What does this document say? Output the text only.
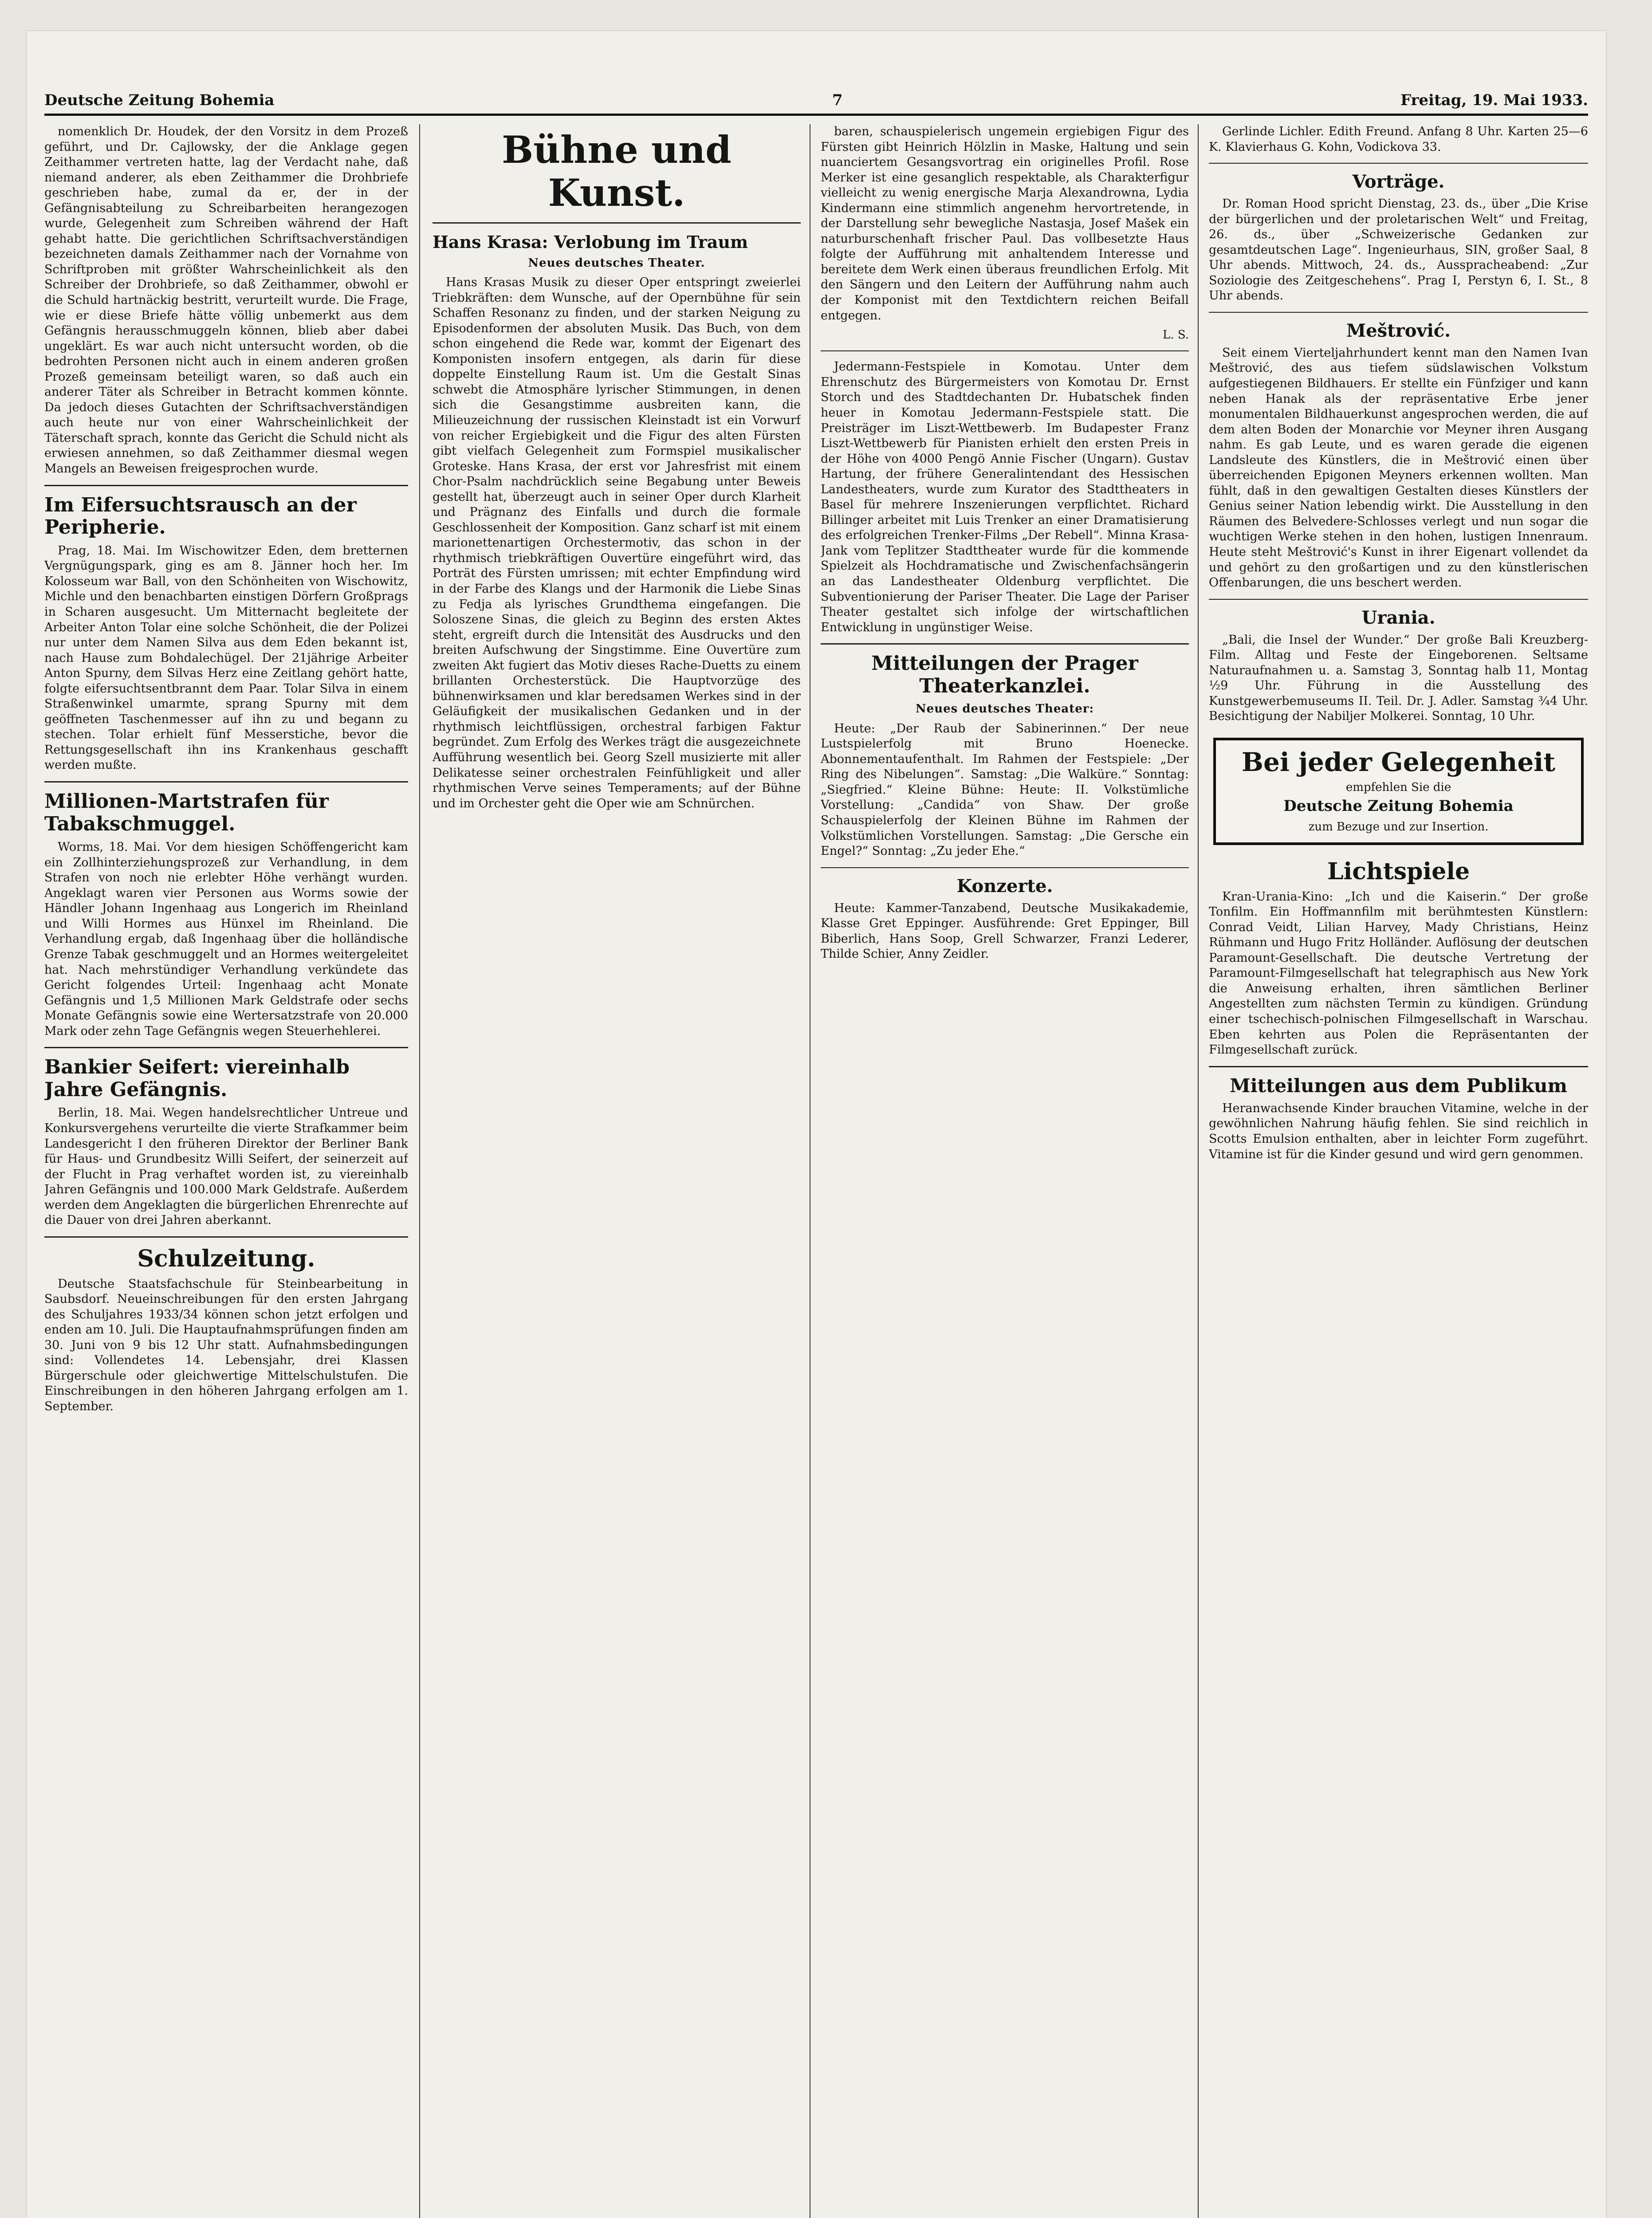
Deutsche Zeitung Bohemia	7	Freitag, 19. Mai 1933.

nomenklich Dr. Houdek, der den Vorsitz in dem Prozeß geführt, und Dr. Cajlowsky, der die Anklage gegen Zeithammer vertreten hatte, lag der Verdacht nahe, daß niemand anderer, als eben Zeithammer die Drohbriefe geschrieben habe, zumal da er, der in der Gefängnisabteilung zu Schreibarbeiten herangezogen wurde, Gelegenheit zum Schreiben während der Haft gehabt hatte. Die gerichtlichen Schriftsachverständigen bezeichneten damals Zeithammer nach der Vornahme von Schriftproben mit größter Wahrscheinlichkeit als den Schreiber der Drohbriefe, so daß Zeithammer, obwohl er die Schuld hartnäckig bestritt, verurteilt wurde. Die Frage, wie er diese Briefe hätte völlig unbemerkt aus dem Gefängnis herausschmuggeln können, blieb aber dabei ungeklärt. Es war auch nicht untersucht worden, ob die bedrohten Personen nicht auch in einem anderen großen Prozeß gemeinsam beteiligt waren, so daß auch ein anderer Täter als Schreiber in Betracht kommen könnte. Da jedoch dieses Gutachten der Schriftsachverständigen auch heute nur von einer Wahrscheinlichkeit der Täterschaft sprach, konnte das Gericht die Schuld nicht als erwiesen annehmen, so daß Zeithammer diesmal wegen Mangels an Beweisen freigesprochen wurde.

Im Eifersuchtsrausch an der Peripherie.

Prag, 18. Mai. Im Wischowitzer Eden, dem bretternen Vergnügungspark, ging es am 8. Jänner hoch her. Im Kolosseum war Ball, von den Schönheiten von Wischowitz, Michle und den benachbarten einstigen Dörfern Großprags in Scharen ausgesucht. Um Mitternacht begleitete der Arbeiter Anton Tolar eine solche Schönheit, die der Polizei nur unter dem Namen Silva aus dem Eden bekannt ist, nach Hause zum Bohdalechügel. Der 21jährige Arbeiter Anton Spurny, dem Silvas Herz eine Zeitlang gehört hatte, folgte eifersuchtsentbrannt dem Paar. Tolar Silva in einem Straßenwinkel umarmte, sprang Spurny mit dem geöffneten Taschenmesser auf ihn zu und begann zu stechen. Tolar erhielt fünf Messerstiche, bevor die Rettungsgesellschaft ihn ins Krankenhaus geschafft werden mußte.

Millionen-Martstrafen für Tabakschmuggel.

Worms, 18. Mai. Vor dem hiesigen Schöffengericht kam ein Zollhinterziehungsprozeß zur Verhandlung, in dem Strafen von noch nie erlebter Höhe verhängt wurden. Angeklagt waren vier Personen aus Worms sowie der Händler Johann Ingenhaag aus Longerich im Rheinland und Willi Hormes aus Hünxel im Rheinland. Die Verhandlung ergab, daß Ingenhaag über die holländische Grenze Tabak geschmuggelt und an Hormes weitergeleitet hat. Nach mehrstündiger Verhandlung verkündete das Gericht folgendes Urteil: Ingenhaag acht Monate Gefängnis und 1,5 Millionen Mark Geldstrafe oder sechs Monate Gefängnis sowie eine Wertersatzstrafe von 20.000 Mark oder zehn Tage Gefängnis wegen Steuerhehlerei.

Bankier Seifert: viereinhalb Jahre Gefängnis.

Berlin, 18. Mai. Wegen handelsrechtlicher Untreue und Konkursvergehens verurteilte die vierte Strafkammer beim Landesgericht I den früheren Direktor der Berliner Bank für Haus- und Grundbesitz Willi Seifert, der seinerzeit auf der Flucht in Prag verhaftet worden ist, zu viereinhalb Jahren Gefängnis und 100.000 Mark Geldstrafe. Außerdem werden dem Angeklagten die bürgerlichen Ehrenrechte auf die Dauer von drei Jahren aberkannt.

Schulzeitung.

Deutsche Staatsfachschule für Steinbearbeitung in Saubsdorf. Neueinschreibungen für den ersten Jahrgang des Schuljahres 1933/34 können schon jetzt erfolgen und enden am 10. Juli. Die Hauptaufnahmsprüfungen finden am 30. Juni von 9 bis 12 Uhr statt. Aufnahmsbedingungen sind: Vollendetes 14. Lebensjahr, drei Klassen Bürgerschule oder gleichwertige Mittelschulstufen. Die Einschreibungen in den höheren Jahrgang erfolgen am 1. September.

Bühne und Kunst.
Hans Krasa: Verlobung im Traum
Neues deutsches Theater.

Hans Krasas Musik zu dieser Oper entspringt zweierlei Triebkräften: dem Wunsche, auf der Opernbühne für sein Schaffen Resonanz zu finden, und der starken Neigung zu Episodenformen der absoluten Musik. Das Buch, von dem schon eingehend die Rede war, kommt der Eigenart des Komponisten insofern entgegen, als darin für diese doppelte Einstellung Raum ist. Um die Gestalt Sinas schwebt die Atmosphäre lyrischer Stimmungen, in denen sich die Gesangstimme ausbreiten kann, die Milieuzeichnung der russischen Kleinstadt ist ein Vorwurf von reicher Ergiebigkeit und die Figur des alten Fürsten gibt vielfach Gelegenheit zum Formspiel musikalischer Groteske. Hans Krasa, der erst vor Jahresfrist mit einem Chor-Psalm nachdrücklich seine Begabung unter Beweis gestellt hat, überzeugt auch in seiner Oper durch Klarheit und Prägnanz des Einfalls und durch die formale Geschlossenheit der Komposition. Ganz scharf ist mit einem marionettenartigen Orchestermotiv, das schon in der rhythmisch triebkräftigen Ouvertüre eingeführt wird, das Porträt des Fürsten umrissen; mit echter Empfindung wird in der Farbe des Klangs und der Harmonik die Liebe Sinas zu Fedja als lyrisches Grundthema eingefangen. Die Soloszene Sinas, die gleich zu Beginn des ersten Aktes steht, ergreift durch die Intensität des Ausdrucks und den breiten Aufschwung der Singstimme. Eine Ouvertüre zum zweiten Akt fugiert das Motiv dieses Rache-Duetts zu einem brillanten Orchesterstück. Die Hauptvorzüge des bühnenwirksamen und klar beredsamen Werkes sind in der Geläufigkeit der musikalischen Gedanken und in der rhythmisch leichtflüssigen, orchestral farbigen Faktur begründet. Zum Erfolg des Werkes trägt die ausgezeichnete Aufführung wesentlich bei. Georg Szell musizierte mit aller Delikatesse seiner orchestralen Feinfühligkeit und aller rhythmischen Verve seines Temperaments; auf der Bühne und im Orchester geht die Oper wie am Schnürchen.

baren, schauspielerisch ungemein ergiebigen Figur des Fürsten gibt Heinrich Hölzlin in Maske, Haltung und sein nuanciertem Gesangsvortrag ein originelles Profil. Rose Merker ist eine gesanglich respektable, als Charakterfigur vielleicht zu wenig energische Marja Alexandrowna, Lydia Kindermann eine stimmlich angenehm hervortretende, in der Darstellung sehr bewegliche Nastasja, Josef Mašek ein naturburschenhaft frischer Paul. Das vollbesetzte Haus folgte der Aufführung mit anhaltendem Interesse und bereitete dem Werk einen überaus freundlichen Erfolg. Mit den Sängern und den Leitern der Aufführung nahm auch der Komponist mit den Textdichtern reichen Beifall entgegen.

L. S.

Jedermann-Festspiele in Komotau. Unter dem Ehrenschutz des Bürgermeisters von Komotau Dr. Ernst Storch und des Stadtdechanten Dr. Hubatschek finden heuer in Komotau Jedermann-Festspiele statt. Die Preisträger im Liszt-Wettbewerb. Im Budapester Franz Liszt-Wettbewerb für Pianisten erhielt den ersten Preis in der Höhe von 4000 Pengö Annie Fischer (Ungarn). Gustav Hartung, der frühere Generalintendant des Hessischen Landestheaters, wurde zum Kurator des Stadttheaters in Basel für mehrere Inszenierungen verpflichtet. Richard Billinger arbeitet mit Luis Trenker an einer Dramatisierung des erfolgreichen Trenker-Films „Der Rebell“. Minna Krasa-Jank vom Teplitzer Stadttheater wurde für die kommende Spielzeit als Hochdramatische und Zwischenfachsängerin an das Landestheater Oldenburg verpflichtet. Die Subventionierung der Pariser Theater. Die Lage der Pariser Theater gestaltet sich infolge der wirtschaftlichen Entwicklung in ungünstiger Weise.

Mitteilungen der Prager Theaterkanzlei.
Neues deutsches Theater:

Heute: „Der Raub der Sabinerinnen.“ Der neue Lustspielerfolg mit Bruno Hoenecke. Abonnementaufenthalt. Im Rahmen der Festspiele: „Der Ring des Nibelungen“. Samstag: „Die Walküre.“ Sonntag: „Siegfried.“ Kleine Bühne: Heute: II. Volkstümliche Vorstellung: „Candida“ von Shaw. Der große Schauspielerfolg der Kleinen Bühne im Rahmen der Volkstümlichen Vorstellungen. Samstag: „Die Gersche ein Engel?“ Sonntag: „Zu jeder Ehe.“

Konzerte.

Heute: Kammer-Tanzabend, Deutsche Musikakademie, Klasse Gret Eppinger. Ausführende: Gret Eppinger, Bill Biberlich, Hans Soop, Grell Schwarzer, Franzi Lederer, Thilde Schier, Anny Zeidler.

Gerlinde Lichler. Edith Freund. Anfang 8 Uhr. Karten 25—6 K. Klavierhaus G. Kohn, Vodickova 33.

Vorträge.

Dr. Roman Hood spricht Dienstag, 23. ds., über „Die Krise der bürgerlichen und der proletarischen Welt“ und Freitag, 26. ds., über „Schweizerische Gedanken zur gesamtdeutschen Lage“. Ingenieurhaus, SIN, großer Saal, 8 Uhr abends. Mittwoch, 24. ds., Ausspracheabend: „Zur Soziologie des Zeitgeschehens“. Prag I, Perstyn 6, I. St., 8 Uhr abends.

Meštrović.

Seit einem Vierteljahrhundert kennt man den Namen Ivan Meštrović, des aus tiefem südslawischen Volkstum aufgestiegenen Bildhauers. Er stellte ein Fünfziger und kann neben Hanak als der repräsentative Erbe jener monumentalen Bildhauerkunst angesprochen werden, die auf dem alten Boden der Monarchie vor Meyner ihren Ausgang nahm. Es gab Leute, und es waren gerade die eigenen Landsleute des Künstlers, die in Meštrović einen über überreichenden Epigonen Meyners erkennen wollten. Man fühlt, daß in den gewaltigen Gestalten dieses Künstlers der Genius seiner Nation lebendig wirkt. Die Ausstellung in den Räumen des Belvedere-Schlosses verlegt und nun sogar die wuchtigen Werke stehen in den hohen, lustigen Innenraum. Heute steht Meštrović's Kunst in ihrer Eigenart vollendet da und gehört zu den großartigen und zu den künstlerischen Offenbarungen, die uns beschert werden.

Urania.

„Bali, die Insel der Wunder.“ Der große Bali Kreuzberg-Film. Alltag und Feste der Eingeborenen. Seltsame Naturaufnahmen u. a. Samstag 3, Sonntag halb 11, Montag ½9 Uhr. Führung in die Ausstellung des Kunstgewerbemuseums II. Teil. Dr. J. Adler. Samstag ¾4 Uhr. Besichtigung der Nabiljer Molkerei. Sonntag, 10 Uhr.

Bei jeder Gelegenheit
empfehlen Sie die
Deutsche Zeitung Bohemia
zum Bezuge und zur Insertion.
Lichtspiele

Kran-Urania-Kino: „Ich und die Kaiserin.“ Der große Tonfilm. Ein Hoffmannfilm mit berühmtesten Künstlern: Conrad Veidt, Lilian Harvey, Mady Christians, Heinz Rühmann und Hugo Fritz Holländer. Auflösung der deutschen Paramount-Gesellschaft. Die deutsche Vertretung der Paramount-Filmgesellschaft hat telegraphisch aus New York die Anweisung erhalten, ihren sämtlichen Berliner Angestellten zum nächsten Termin zu kündigen. Gründung einer tschechisch-polnischen Filmgesellschaft in Warschau. Eben kehrten aus Polen die Repräsentanten der Filmgesellschaft zurück.

Mitteilungen aus dem Publikum

Heranwachsende Kinder brauchen Vitamine, welche in der gewöhnlichen Nahrung häufig fehlen. Sie sind reichlich in Scotts Emulsion enthalten, aber in leichter Form zugeführt. Vitamine ist für die Kinder gesund und wird gern genommen.
